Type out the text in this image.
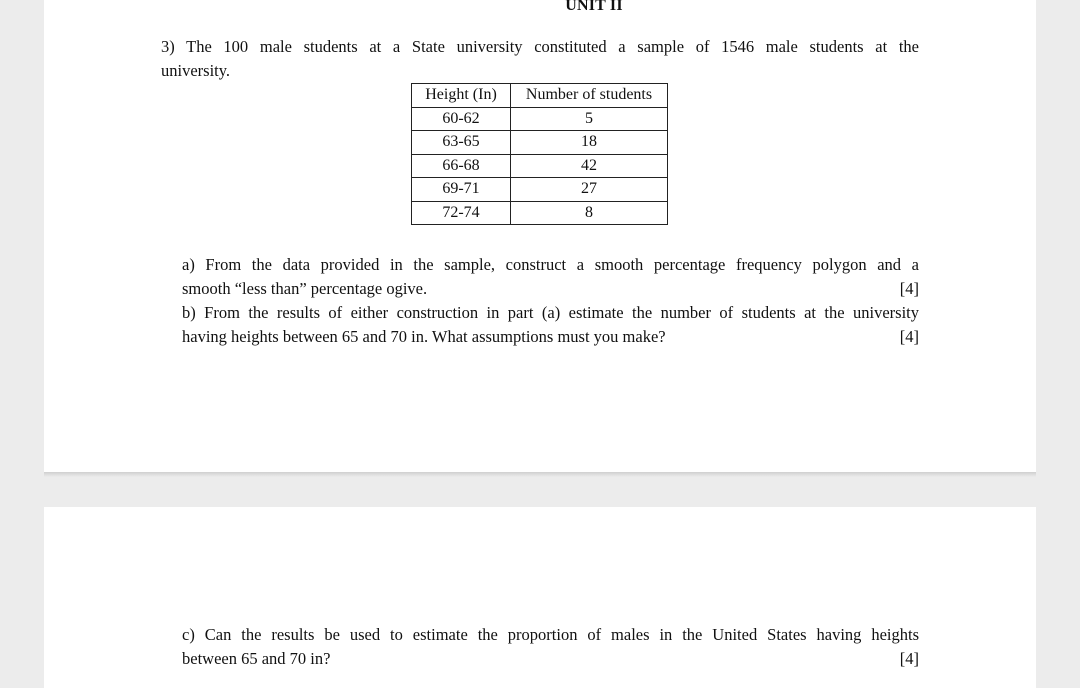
UNIT II
3) The 100 male students at a State university constituted a sample of 1546 male students at the
university.
Height (In)	Number of students
60-62	5
63-65	18
66-68	42
69-71	27
72-74	8
a) From the data provided in the sample, construct a smooth percentage frequency polygon and a
smooth “less than” percentage ogive.	[4]
b) From the results of either construction in part (a) estimate the number of students at the university
having heights between 65 and 70 in. What assumptions must you make?	[4]
c) Can the results be used to estimate the proportion of males in the United States having heights
between 65 and 70 in?	[4]
